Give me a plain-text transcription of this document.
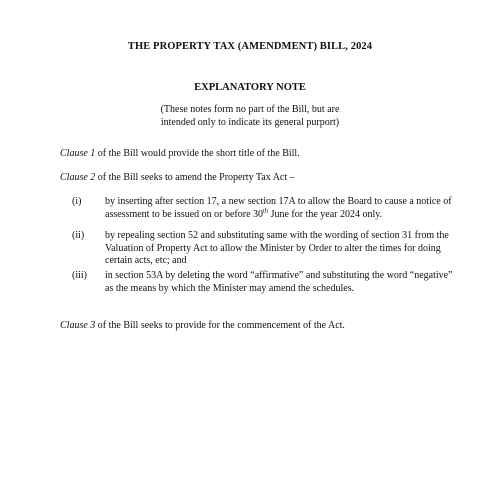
THE PROPERTY TAX (AMENDMENT) BILL, 2024
EXPLANATORY NOTE
(These notes form no part of the Bill, but are
intended only to indicate its general purport)
Clause 1 of the Bill would provide the short title of the Bill.
Clause 2 of the Bill seeks to amend the Property Tax Act –
(i) by inserting after section 17, a new section 17A to allow the Board to cause a notice of
assessment to be issued on or before 30th June for the year 2024 only.
(ii) by repealing section 52 and substituting same with the wording of section 31 from the
Valuation of Property Act to allow the Minister by Order to alter the times for doing
certain acts, etc; and
(iii) in section 53A by deleting the word “affirmative” and substituting the word “negative”
as the means by which the Minister may amend the schedules.
Clause 3 of the Bill seeks to provide for the commencement of the Act.
